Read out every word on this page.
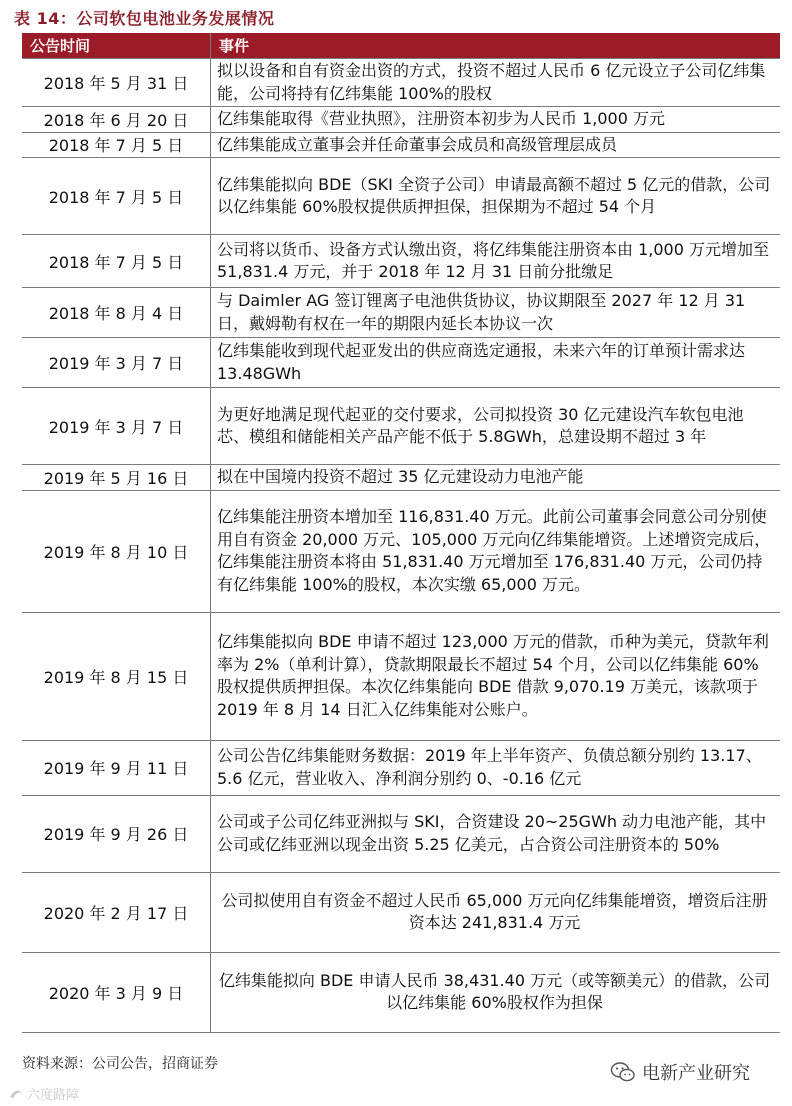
表 14：公司软包电池业务发展情况
公告时间	事件
2018 年 5 月 31 日	拟以设备和自有资金出资的方式，投资不超过人民币 6 亿元设立子公司亿纬集能，公司将持有亿纬集能 100%的股权
2018 年 6 月 20 日	亿纬集能取得《营业执照》，注册资本初步为人民币 1,000 万元
2018 年 7 月 5 日	亿纬集能成立董事会并任命董事会成员和高级管理层成员
2018 年 7 月 5 日	亿纬集能拟向 BDE（SKI 全资子公司）申请最高额不超过 5 亿元的借款，公司以亿纬集能 60%股权提供质押担保，担保期为不超过 54 个月
2018 年 7 月 5 日	公司将以货币、设备方式认缴出资，将亿纬集能注册资本由 1,000 万元增加至 51,831.4 万元，并于 2018 年 12 月 31 日前分批缴足
2018 年 8 月 4 日	与 Daimler AG 签订锂离子电池供货协议，协议期限至 2027 年 12 月 31 日，戴姆勒有权在一年的期限内延长本协议一次
2019 年 3 月 7 日	亿纬集能收到现代起亚发出的供应商选定通报，未来六年的订单预计需求达 13.48GWh
2019 年 3 月 7 日	为更好地满足现代起亚的交付要求，公司拟投资 30 亿元建设汽车软包电池芯、模组和储能相关产品产能不低于 5.8GWh，总建设期不超过 3 年
2019 年 5 月 16 日	拟在中国境内投资不超过 35 亿元建设动力电池产能
2019 年 8 月 10 日	亿纬集能注册资本增加至 116,831.40 万元。此前公司董事会同意公司分别使用自有资金 20,000 万元、105,000 万元向亿纬集能增资。上述增资完成后，亿纬集能注册资本将由 51,831.40 万元增加至 176,831.40 万元，公司仍持有亿纬集能 100%的股权，本次实缴 65,000 万元。
2019 年 8 月 15 日	亿纬集能拟向 BDE 申请不超过 123,000 万元的借款，币种为美元，贷款年利率为 2%（单利计算），贷款期限最长不超过 54 个月，公司以亿纬集能 60%股权提供质押担保。本次亿纬集能向 BDE 借款 9,070.19 万美元，该款项于 2019 年 8 月 14 日汇入亿纬集能对公账户。
2019 年 9 月 11 日	公司公告亿纬集能财务数据：2019 年上半年资产、负债总额分别约 13.17、5.6 亿元，营业收入、净利润分别约 0、-0.16 亿元
2019 年 9 月 26 日	公司或子公司亿纬亚洲拟与 SKI，合资建设 20~25GWh 动力电池产能，其中公司或亿纬亚洲以现金出资 5.25 亿美元，占合资公司注册资本的 50%
2020 年 2 月 17 日	公司拟使用自有资金不超过人民币 65,000 万元向亿纬集能增资，增资后注册资本达 241,831.4 万元
2020 年 3 月 9 日	亿纬集能拟向 BDE 申请人民币 38,431.40 万元（或等额美元）的借款，公司以亿纬集能 60%股权作为担保
资料来源：公司公告，招商证券	电新产业研究
六度路障
